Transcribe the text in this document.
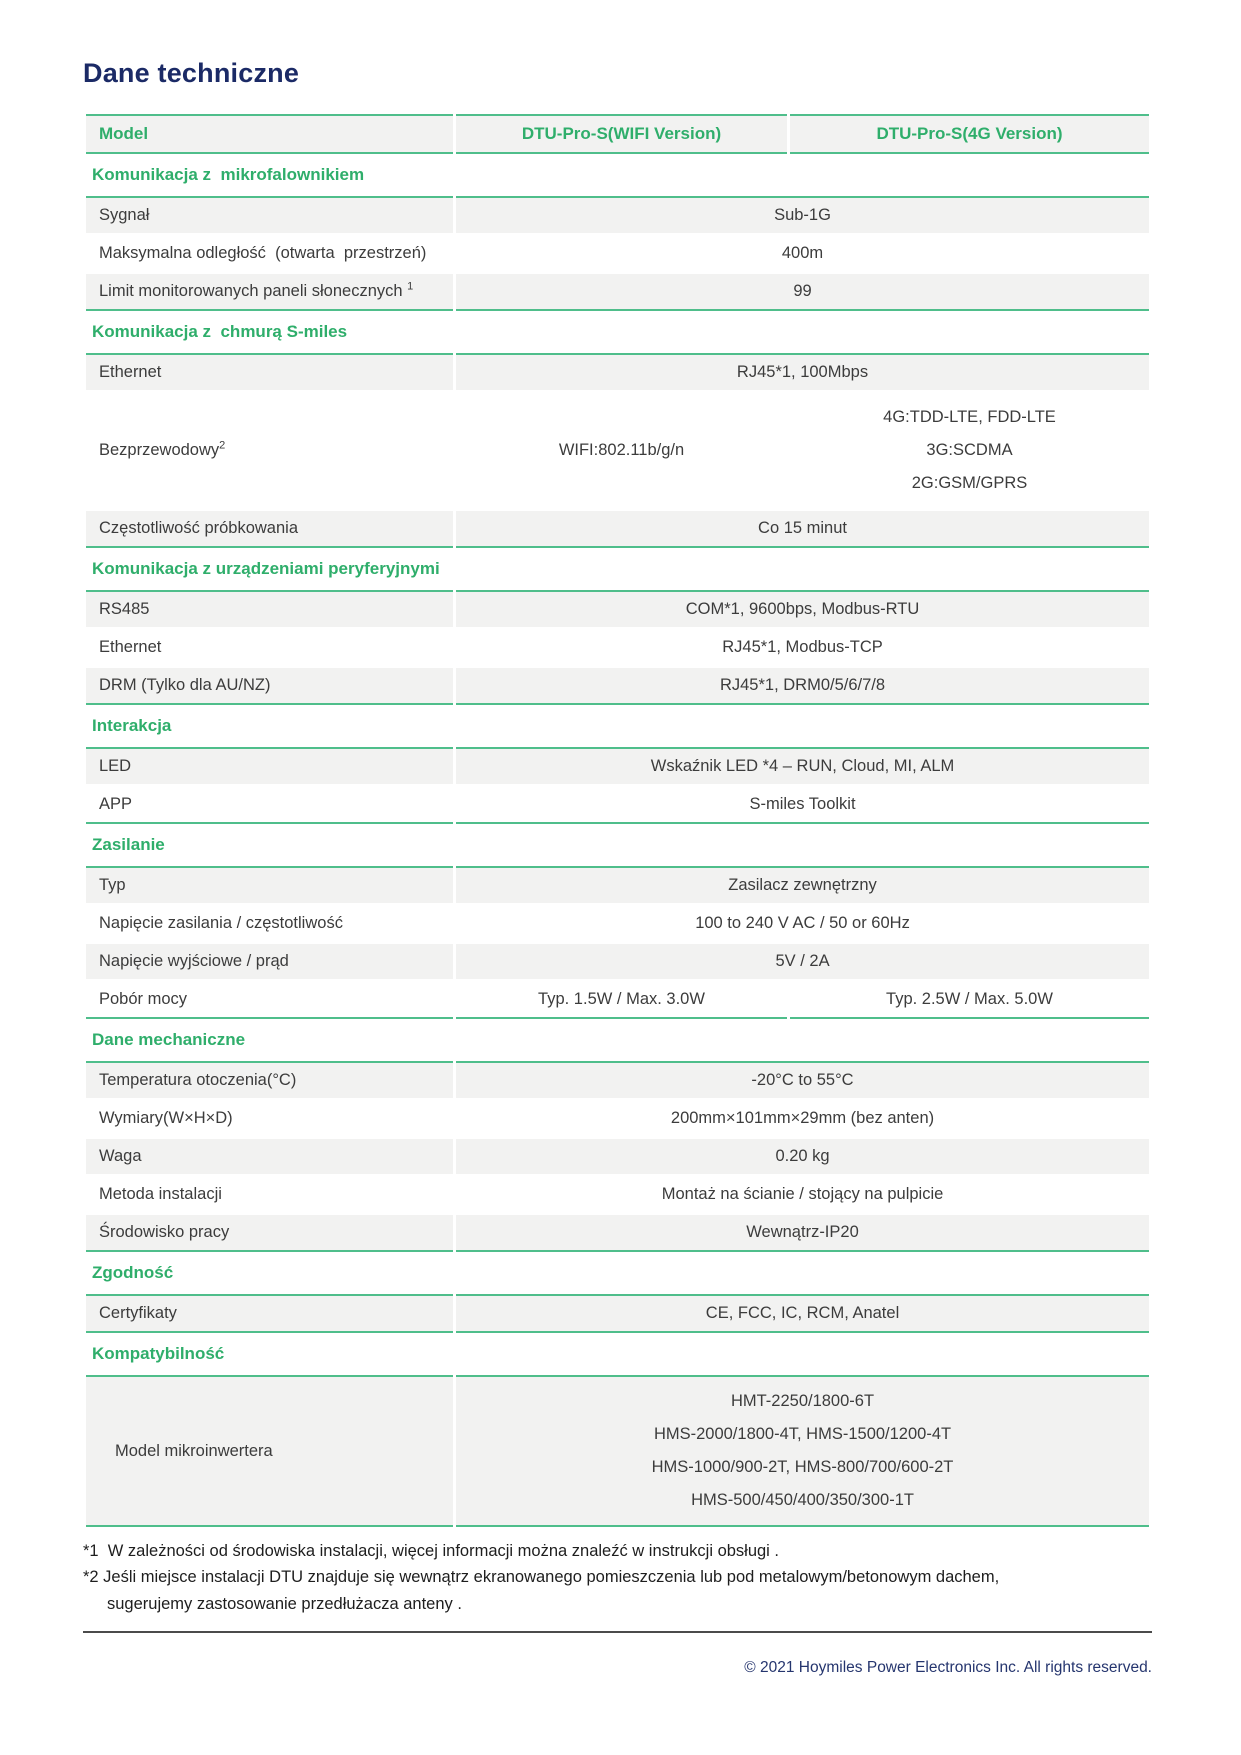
Dane techniczne
Model	DTU-Pro-S(WIFI Version)	DTU-Pro-S(4G Version)
Komunikacja z  mikrofalownikiem		
Sygnał	Sub-1G	
Maksymalna odległość  (otwarta  przestrzeń)	400m	
Limit monitorowanych paneli słonecznych $^1$	99	
Komunikacja z  chmurą S-miles		
Ethernet	RJ45*1, 100Mbps	
Bezprzewodowy$^2$	WIFI:802.11b/g/n	4G:TDD-LTE, FDD-LTE
3G:SCDMA
2G:GSM/GPRS

Częstotliwość próbkowania	Co 15 minut	
Komunikacja z urządzeniami peryferyjnymi		
RS485	COM*1, 9600bps, Modbus-RTU	
Ethernet	RJ45*1, Modbus-TCP	
DRM (Tylko dla AU/NZ)	RJ45*1, DRM0/5/6/7/8	
Interakcja		
LED	Wskaźnik LED *4 – RUN, Cloud, MI, ALM	
APP	S-miles Toolkit	
Zasilanie		
Typ	Zasilacz zewnętrzny	
Napięcie zasilania / częstotliwość	100 to 240 V AC / 50 or 60Hz	
Napięcie wyjściowe / prąd	5V / 2A	
Pobór mocy	Typ. 1.5W / Max. 3.0W	Typ. 2.5W / Max. 5.0W
Dane mechaniczne		
Temperatura otoczenia(°C)	-20°C to 55°C	
Wymiary(W×H×D)	200mm×101mm×29mm (bez anten)	
Waga	0.20 kg	
Metoda instalacji	Montaż na ścianie / stojący na pulpicie	
Środowisko pracy	Wewnątrz-IP20	
Zgodność		
Certyfikaty	CE, FCC, IC, RCM, Anatel	
Kompatybilność		
Model mikroinwertera	HMT-2250/1800-6T
HMS-2000/1800-4T, HMS-1500/1200-4T
HMS-1000/900-2T, HMS-800/700/600-2T
HMS-500/450/400/350/300-1T	
*1  W zależności od środowiska instalacji, więcej informacji można znaleźć w instrukcji obsługi .
*2 Jeśli miejsce instalacji DTU znajduje się wewnątrz ekranowanego pomieszczenia lub pod metalowym/betonowym dachem,
sugerujemy zastosowanie przedłużacza anteny .
© 2021 Hoymiles Power Electronics Inc. All rights reserved.
